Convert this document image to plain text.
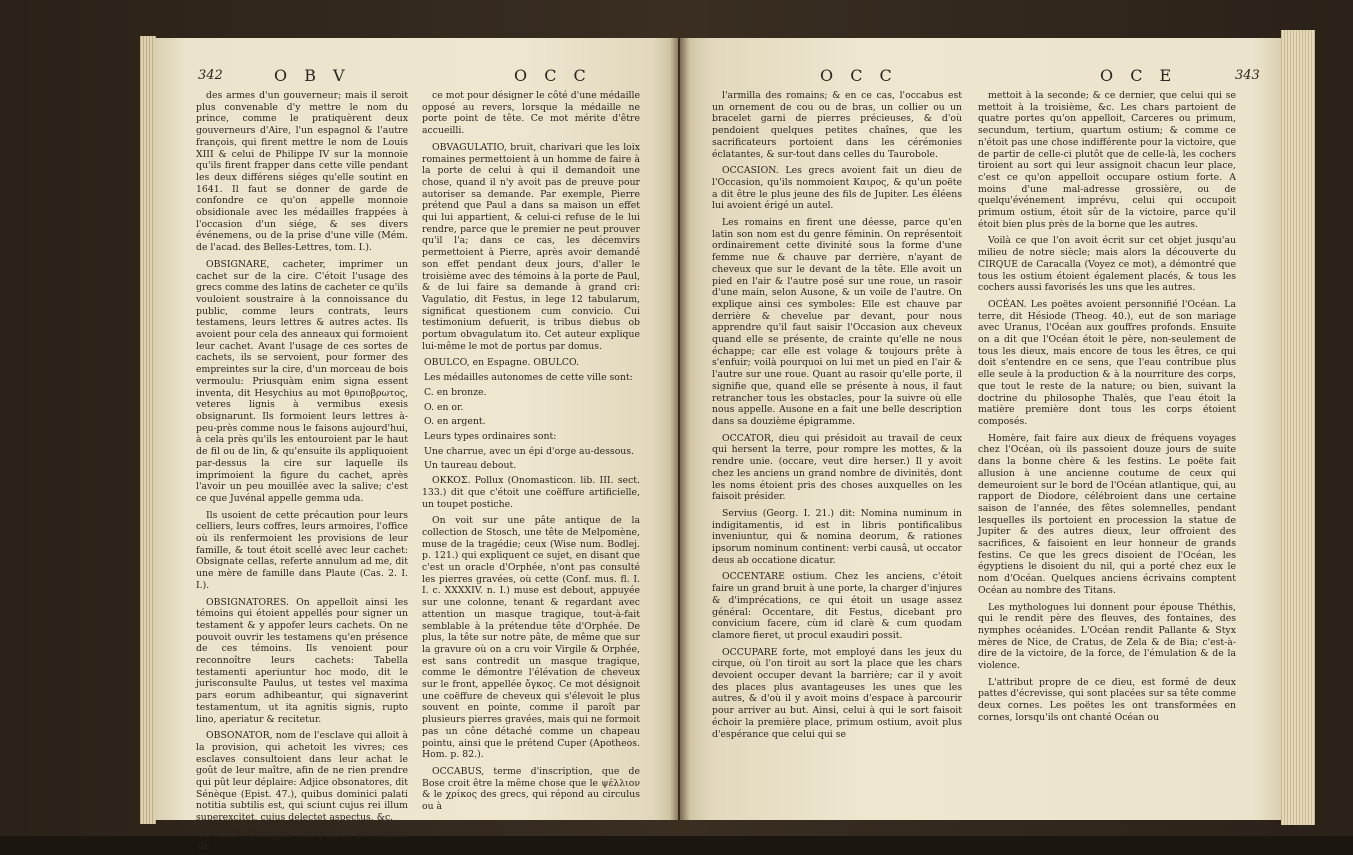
342	O B V	O C C

des armes d'un gouverneur; mais il seroit plus convenable d'y mettre le nom du prince, comme le pratiquèrent deux gouverneurs d'Aire, l'un espagnol & l'autre françois, qui firent mettre le nom de Louis XIII & celui de Philippe IV sur la monnoie qu'ils firent frapper dans cette ville pendant les deux différens siéges qu'elle soutint en 1641. Il faut se donner de garde de confondre ce qu'on appelle monnoie obsidionale avec les médailles frappées à l'occasion d'un siége, & ses divers événemens, ou de la prise d'une ville (Mém. de l'acad. des Belles-Lettres, tom. I.).

OBSIGNARE, cacheter, imprimer un cachet sur de la cire. C'étoit l'usage des grecs comme des latins de cacheter ce qu'ils vouloient soustraire à la connoissance du public, comme leurs contrats, leurs testamens, leurs lettres & autres actes. Ils avoient pour cela des anneaux qui formoient leur cachet. Avant l'usage de ces sortes de cachets, ils se servoient, pour former des empreintes sur la cire, d'un morceau de bois vermoulu: Priusquàm enim signa essent inventa, dit Hesychius au mot θριποβρωτος, veteres lignis à vermibus exesis obsignarunt. Ils formoient leurs lettres à-peu-près comme nous le faisons aujourd'hui, à cela près qu'ils les entouroient par le haut de fil ou de lin, & qu'ensuite ils appliquoient par-dessus la cire sur laquelle ils imprimoient la figure du cachet, après l'avoir un peu mouillée avec la salive; c'est ce que Juvénal appelle gemma uda.

Ils usoient de cette précaution pour leurs celliers, leurs coffres, leurs armoires, l'office où ils renfermoient les provisions de leur famille, & tout étoit scellé avec leur cachet: Obsignate cellas, referte annulum ad me, dit une mère de famille dans Plaute (Cas. 2. I. I.).

OBSIGNATORES. On appelloit ainsi les témoins qui étoient appellés pour signer un testament & y appofer leurs cachets. On ne pouvoit ouvrir les testamens qu'en présence de ces témoins. Ils venoient pour reconnoître leurs cachets: Tabella testamenti aperiuntur hoc modo, dit le jurisconsulte Paulus, ut testes vel maxima pars eorum adhibeantur, qui signaverint testamentum, ut ita agnitis signis, rupto lino, aperiatur & recitetur.

OBSONATOR, nom de l'esclave qui alloit à la provision, qui achetoit les vivres; ces esclaves consultoient dans leur achat le goût de leur maître, afin de ne rien prendre qui pût leur déplaire: Adjice obsonatores, dit Sénèque (Epist. 47.), quibus dominici palati notitia subtilis est, qui sciunt cujus rei illum superexcitet, cujus delectet aspectus, &c.

OBVERS. Quelques antiquaires se servent de

ce mot pour désigner le côté d'une médaille opposé au revers, lorsque la médaille ne porte point de tête. Ce mot mérite d'être accueilli.

OBVAGULATIO, bruit, charivari que les loix romaines permettoient à un homme de faire à la porte de celui à qui il demandoit une chose, quand il n'y avoit pas de preuve pour autoriser sa demande. Par exemple, Pierre prétend que Paul a dans sa maison un effet qui lui appartient, & celui-ci refuse de le lui rendre, parce que le premier ne peut prouver qu'il l'a; dans ce cas, les décemvirs permettoient à Pierre, après avoir demandé son effet pendant deux jours, d'aller le troisième avec des témoins à la porte de Paul, & de lui faire sa demande à grand cri: Vagulatio, dit Festus, in lege 12 tabularum, significat questionem cum convicio. Cui testimonium defuerit, is tribus diebus ob portum obvagulatum ito. Cet auteur explique lui-même le mot de portus par domus.

OBULCO, en Espagne. OBULCO.

Les médailles autonomes de cette ville sont:

C. en bronze.

O. en or.

O. en argent.

Leurs types ordinaires sont:

Une charrue, avec un épi d'orge au-dessous.

Un taureau debout.

OKKOΣ. Pollux (Onomasticon. lib. III. sect. 133.) dit que c'étoit une coëffure artificielle, un toupet postiche.

On voit sur une pâte antique de la collection de Stosch, une tête de Melpomène, muse de la tragédie; ceux (Wise num. Bodlej. p. 121.) qui expliquent ce sujet, en disant que c'est un oracle d'Orphée, n'ont pas consulté les pierres gravées, où cette (Conf. mus. fl. I. I. c. XXXXIV. n. I.) muse est debout, appuyée sur une colonne, tenant & regardant avec attention un masque tragique, tout-à-fait semblable à la prétendue tête d'Orphée. De plus, la tête sur notre pâte, de même que sur la gravure où on a cru voir Virgile & Orphée, est sans contredit un masque tragique, comme le démontre l'élévation de cheveux sur le front, appellée ὄγκος. Ce mot désignoit une coëffure de cheveux qui s'élevoit le plus souvent en pointe, comme il paroît par plusieurs pierres gravées, mais qui ne formoit pas un cône détaché comme un chapeau pointu, ainsi que le prétend Cuper (Apotheos. Hom. p. 82.).

OCCABUS, terme d'inscription, que de Bose croit être la même chose que le ψέλλιον & le χρίκος des grecs, qui répond au circulus ou à

O C C	O C E	343

l'armilla des romains; & en ce cas, l'occabus est un ornement de cou ou de bras, un collier ou un bracelet garni de pierres précieuses, & d'où pendoient quelques petites chaînes, que les sacrificateurs portoient dans les cérémonies éclatantes, & sur-tout dans celles du Taurobole.

OCCASION. Les grecs avoient fait un dieu de l'Occasion, qu'ils nommoient Καιρος, & qu'un poëte a dit être le plus jeune des fils de Jupiter. Les éléens lui avoient érigé un autel.

Les romains en firent une déesse, parce qu'en latin son nom est du genre féminin. On représentoit ordinairement cette divinité sous la forme d'une femme nue & chauve par derrière, n'ayant de cheveux que sur le devant de la tête. Elle avoit un pied en l'air & l'autre posé sur une roue, un rasoir d'une main, selon Ausone, & un voile de l'autre. On explique ainsi ces symboles: Elle est chauve par derrière & chevelue par devant, pour nous apprendre qu'il faut saisir l'Occasion aux cheveux quand elle se présente, de crainte qu'elle ne nous échappe; car elle est volage & toujours prête à s'enfuir; voilà pourquoi on lui met un pied en l'air & l'autre sur une roue. Quant au rasoir qu'elle porte, il signifie que, quand elle se présente à nous, il faut retrancher tous les obstacles, pour la suivre où elle nous appelle. Ausone en a fait une belle description dans sa douzième épigramme.

OCCATOR, dieu qui présidoit au travail de ceux qui hersent la terre, pour rompre les mottes, & la rendre unie. (occare, veut dire herser.) Il y avoit chez les anciens un grand nombre de divinités, dont les noms étoient pris des choses auxquelles on les faisoit présider.

Servius (Georg. I. 21.) dit: Nomina numinum in indigitamentis, id est in libris pontificalibus inveniuntur, qui & nomina deorum, & rationes ipsorum nominum continent: verbi causâ, ut occator deus ab occatione dicatur.

OCCENTARE ostium. Chez les anciens, c'étoit faire un grand bruit à une porte, la charger d'injures & d'imprécations, ce qui étoit un usage assez général: Occentare, dit Festus, dicebant pro convicium facere, cùm id clarè & cum quodam clamore fieret, ut procul exaudiri possit.

OCCUPARE forte, mot employé dans les jeux du cirque, où l'on tiroit au sort la place que les chars devoient occuper devant la barrière; car il y avoit des places plus avantageuses les unes que les autres, & d'où il y avoit moins d'espace à parcourir pour arriver au but. Ainsi, celui à qui le sort faisoit échoir la première place, primum ostium, avoit plus d'espérance que celui qui se

mettoit à la seconde; & ce dernier, que celui qui se mettoit à la troisième, &c. Les chars partoient de quatre portes qu'on appelloit, Carceres ou primum, secundum, tertium, quartum ostium; & comme ce n'étoit pas une chose indifférente pour la victoire, que de partir de celle-ci plutôt que de celle-là, les cochers tiroient au sort qui leur assignoit chacun leur place, c'est ce qu'on appelloit occupare ostium forte. A moins d'une mal-adresse grossière, ou de quelqu'événement imprévu, celui qui occupoit primum ostium, étoit sûr de la victoire, parce qu'il étoit bien plus près de la borne que les autres.

Voilà ce que l'on avoit écrit sur cet objet jusqu'au milieu de notre siècle; mais alors la découverte du CIRQUE de Caracalla (Voyez ce mot), a démontré que tous les ostium étoient également placés, & tous les cochers aussi favorisés les uns que les autres.

OCÉAN. Les poëtes avoient personnifié l'Océan. La terre, dit Hésiode (Theog. 40.), eut de son mariage avec Uranus, l'Océan aux gouffres profonds. Ensuite on a dit que l'Océan étoit le père, non-seulement de tous les dieux, mais encore de tous les êtres, ce qui doit s'entendre en ce sens, que l'eau contribue plus elle seule à la production & à la nourriture des corps, que tout le reste de la nature; ou bien, suivant la doctrine du philosophe Thalès, que l'eau étoit la matière première dont tous les corps étoient composés.

Homère, fait faire aux dieux de fréquens voyages chez l'Océan, où ils passoient douze jours de suite dans la bonne chère & les festins. Le poëte fait allusion à une ancienne coutume de ceux qui demeuroient sur le bord de l'Océan atlantique, qui, au rapport de Diodore, célébroient dans une certaine saison de l'année, des fêtes solemnelles, pendant lesquelles ils portoient en procession la statue de Jupiter & des autres dieux, leur offroient des sacrifices, & faisoient en leur honneur de grands festins. Ce que les grecs disoient de l'Océan, les égyptiens le disoient du nil, qui a porté chez eux le nom d'Océan. Quelques anciens écrivains comptent Océan au nombre des Titans.

Les mythologues lui donnent pour épouse Théthis, qui le rendit père des fleuves, des fontaines, des nymphes océanides. L'Océan rendit Pallante & Styx mères de Nice, de Cratus, de Zela & de Bia; c'est-à-dire de la victoire, de la force, de l'émulation & de la violence.

L'attribut propre de ce dieu, est formé de deux pattes d'écrevisse, qui sont placées sur sa tête comme deux cornes. Les poëtes les ont transformées en cornes, lorsqu'ils ont chanté Océan ou
